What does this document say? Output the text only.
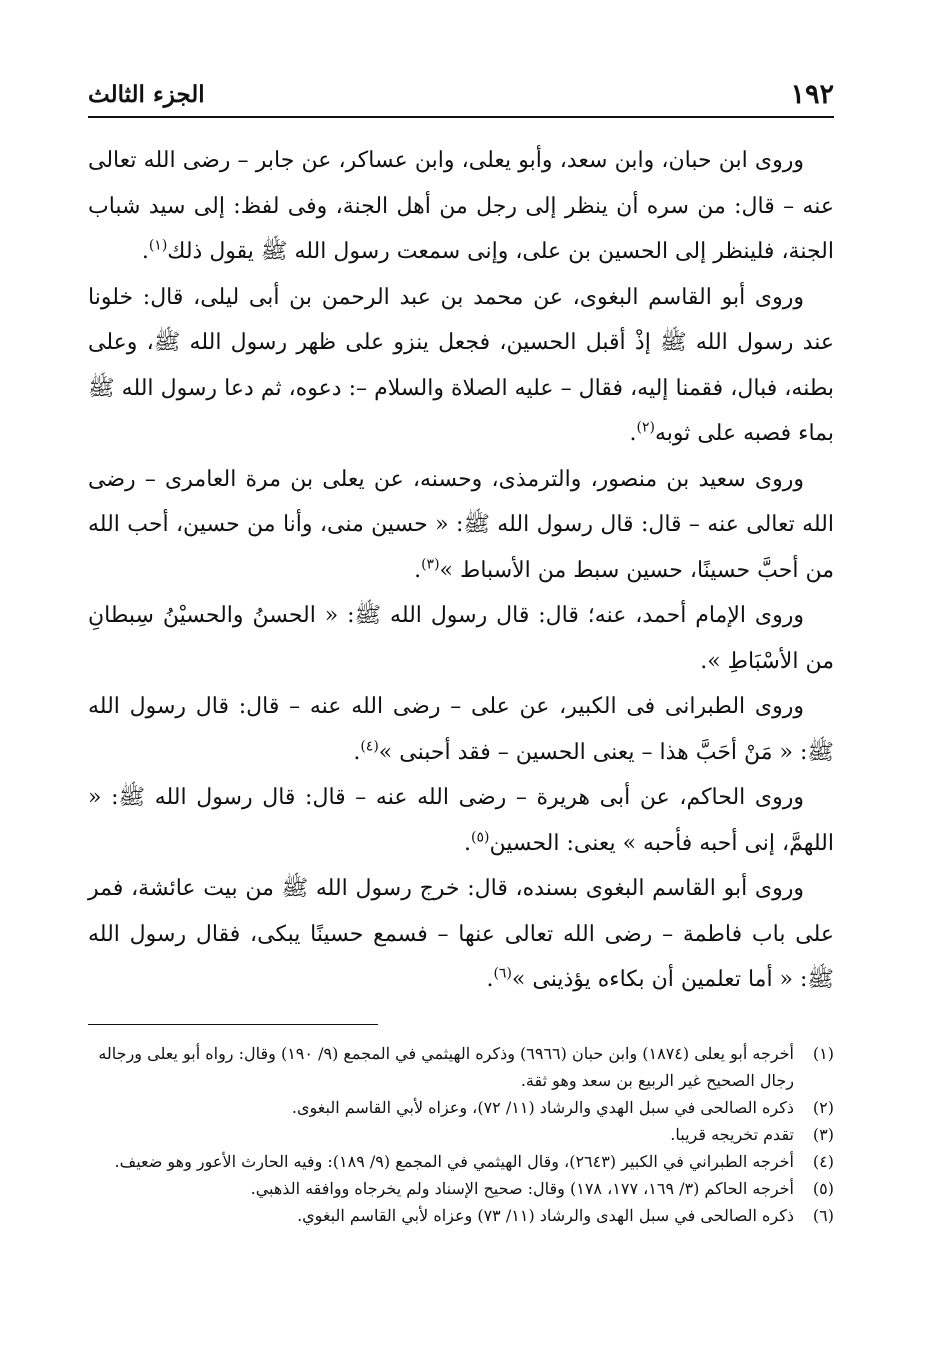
١٩٢
الجزء الثالث

وروى ابن حبان، وابن سعد، وأبو يعلى، وابن عساكر، عن جابر – رضى الله تعالى عنه – قال: من سره أن ينظر إلى رجل من أهل الجنة، وفى لفظ: إلى سيد شباب الجنة، فلينظر إلى الحسين بن على، وإنى سمعت رسول الله ﷺ يقول ذلك$^{(١)}$.

وروى أبو القاسم البغوى، عن محمد بن عبد الرحمن بن أبى ليلى، قال: خلونا عند رسول الله ﷺ إذْ أقبل الحسين، فجعل ينزو على ظهر رسول الله ﷺ، وعلى بطنه، فبال، فقمنا إليه، فقال – عليه الصلاة والسلام –: دعوه، ثم دعا رسول الله ﷺ بماء فصبه على ثوبه$^{(٢)}$.

وروى سعيد بن منصور، والترمذى، وحسنه، عن يعلى بن مرة العامرى – رضى الله تعالى عنه – قال: قال رسول الله ﷺ: « حسين منى، وأنا من حسين، أحب الله من أحبَّ حسينًا، حسين سبط من الأسباط »$^{(٣)}$.

وروى الإمام أحمد، عنه؛ قال: قال رسول الله ﷺ: « الحسنُ والحسيْنُ سِبطانِ من الأسْبَاطِ ».

وروى الطبرانى فى الكبير، عن على – رضى الله عنه – قال: قال رسول الله ﷺ: « مَنْ أحَبَّ هذا – يعنى الحسين – فقد أحبنى »$^{(٤)}$.

وروى الحاكم، عن أبى هريرة – رضى الله عنه – قال: قال رسول الله ﷺ: « اللهمَّ، إنى أحبه فأحبه » يعنى: الحسين$^{(٥)}$.

وروى أبو القاسم البغوى بسنده، قال: خرج رسول الله ﷺ من بيت عائشة، فمر على باب فاطمة – رضى الله تعالى عنها – فسمع حسينًا يبكى، فقال رسول الله ﷺ: « أما تعلمين أن بكاءه يؤذينى »$^{(٦)}$.

(١)
أخرجه أبو يعلى (١٨٧٤) وابن حبان (٦٩٦٦) وذكره الهيثمي في المجمع (٩/ ١٩٠) وقال: رواه أبو يعلى ورجاله رجال الصحيح غير الربيع بن سعد وهو ثقة.
(٢)
ذكره الصالحى في سبل الهدي والرشاد (١١/ ٧٢)، وعزاه لأبي القاسم البغوى.
(٣)
تقدم تخريجه قريبا.
(٤)
أخرجه الطبراني في الكبير (٢٦٤٣)، وقال الهيثمي في المجمع (٩/ ١٨٩): وفيه الحارث الأعور وهو ضعيف.
(٥)
أخرجه الحاكم (٣/ ١٦٩، ١٧٧، ١٧٨) وقال: صحيح الإسناد ولم يخرجاه ووافقه الذهبي.
(٦)
ذكره الصالحى في سبل الهدى والرشاد (١١/ ٧٣) وعزاه لأبي القاسم البغوي.
